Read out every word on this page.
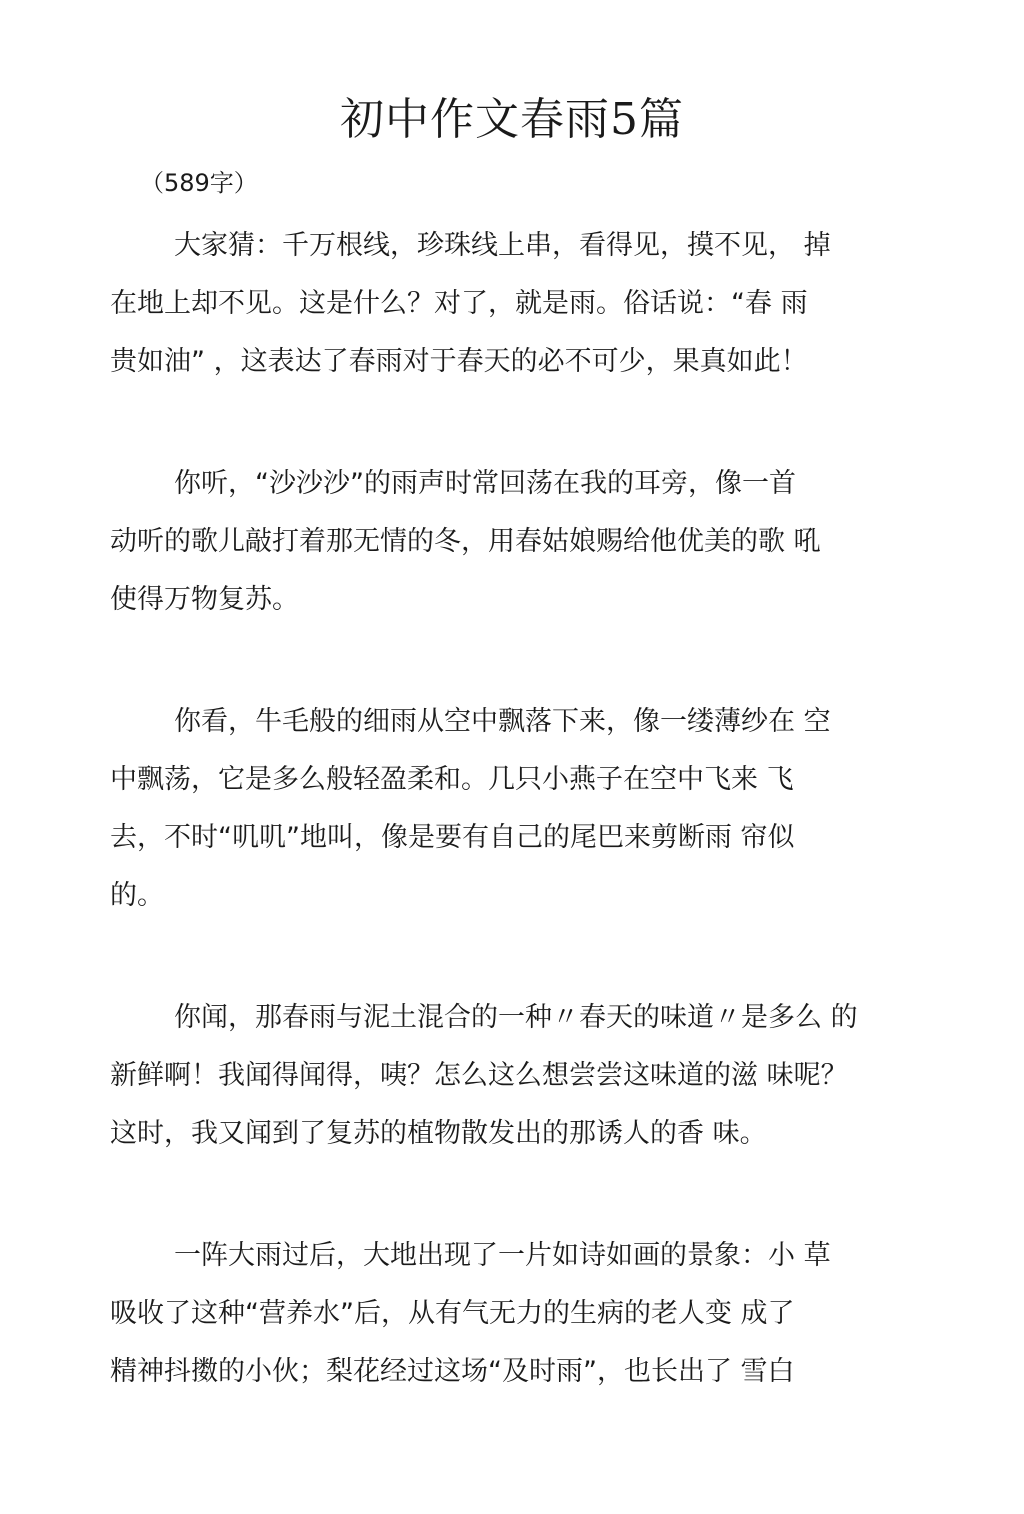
初中作文春雨5篇

（589字）

大家猜：千万根线，珍珠线上串，看得见，摸不见， 掉

在地上却不见。这是什么？对了，就是雨。俗话说：“春 雨

贵如油” ，这表达了春雨对于春天的必不可少，果真如此！

你听，“沙沙沙”的雨声时常回荡在我的耳旁，像一首

动听的歌儿敲打着那无情的冬，用春姑娘赐给他优美的歌 吼

使得万物复苏。

你看，牛毛般的细雨从空中飘落下来，像一缕薄纱在 空

中飘荡，它是多么般轻盈柔和。几只小燕子在空中飞来 飞

去，不时“叽叽”地叫，像是要有自己的尾巴来剪断雨 帘似

的。

你闻，那春雨与泥土混合的一种〃春天的味道〃是多么 的

新鲜啊！我闻得闻得，咦？怎么这么想尝尝这味道的滋 味呢？

这时，我又闻到了复苏的植物散发出的那诱人的香 味。

一阵大雨过后，大地出现了一片如诗如画的景象：小 草

吸收了这种“营养水”后，从有气无力的生病的老人变 成了

精神抖擞的小伙；梨花经过这场“及时雨”，也长出了 雪白
